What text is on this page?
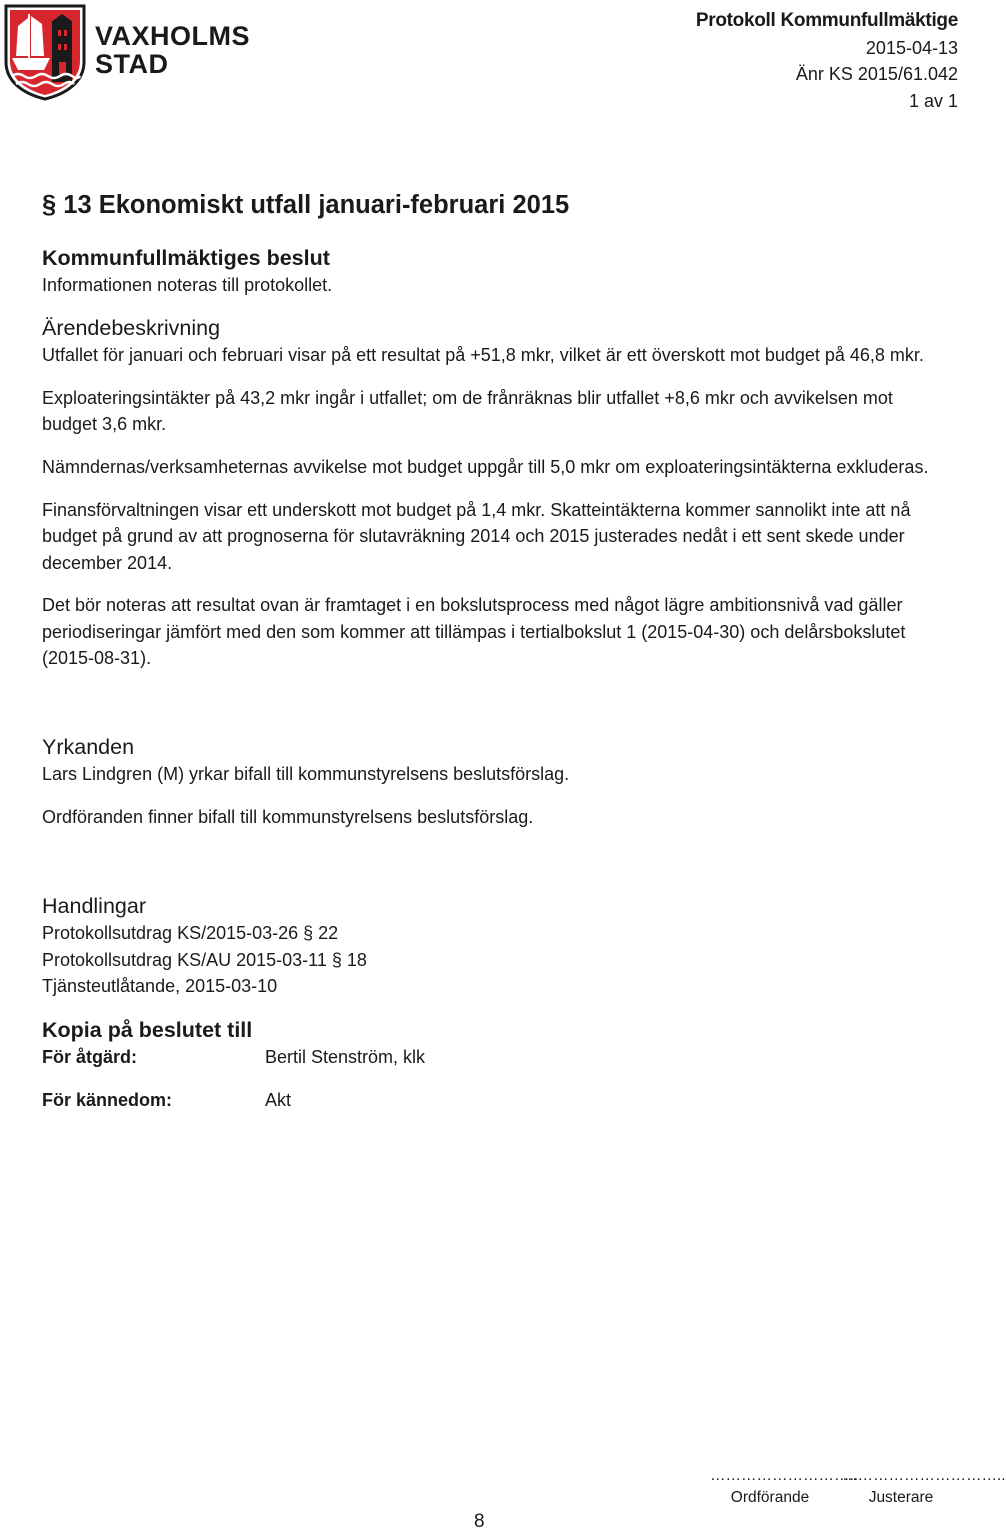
VAXHOLMS
STAD
Protokoll Kommunfullmäktige
2015-04-13
Änr KS 2015/61.042
1 av 1
§ 13 Ekonomiskt utfall januari-februari 2015
Kommunfullmäktiges beslut

Informationen noteras till protokollet.

Ärendebeskrivning

Utfallet för januari och februari visar på ett resultat på +51,8 mkr, vilket är ett överskott mot budget på 46,8 mkr.

Exploateringsintäkter på 43,2 mkr ingår i utfallet; om de frånräknas blir utfallet +8,6 mkr och avvikelsen mot budget 3,6 mkr.

Nämndernas/verksamheternas avvikelse mot budget uppgår till 5,0 mkr om exploateringsintäkterna exkluderas.

Finansförvaltningen visar ett underskott mot budget på 1,4 mkr. Skatteintäkterna kommer sannolikt inte att nå budget på grund av att prognoserna för slutavräkning 2014 och 2015 justerades nedåt i ett sent skede under december 2014.

Det bör noteras att resultat ovan är framtaget i en bokslutsprocess med något lägre ambitionsnivå vad gäller periodiseringar jämfört med den som kommer att tillämpas i tertialbokslut 1 (2015-04-30) och delårsbokslutet (2015-08-31).

Yrkanden

Lars Lindgren (M) yrkar bifall till kommunstyrelsens beslutsförslag.

Ordföranden finner bifall till kommunstyrelsens beslutsförslag.

Handlingar

Protokollsutdrag KS/2015-03-26 § 22

Protokollsutdrag KS/AU 2015-03-11 § 18

Tjänsteutlåtande, 2015-03-10

Kopia på beslutet till
För åtgärd:	Bertil Stenström, klk
För kännedom:	Akt
………………………..
Ordförande
…………………………..
Justerare
8
